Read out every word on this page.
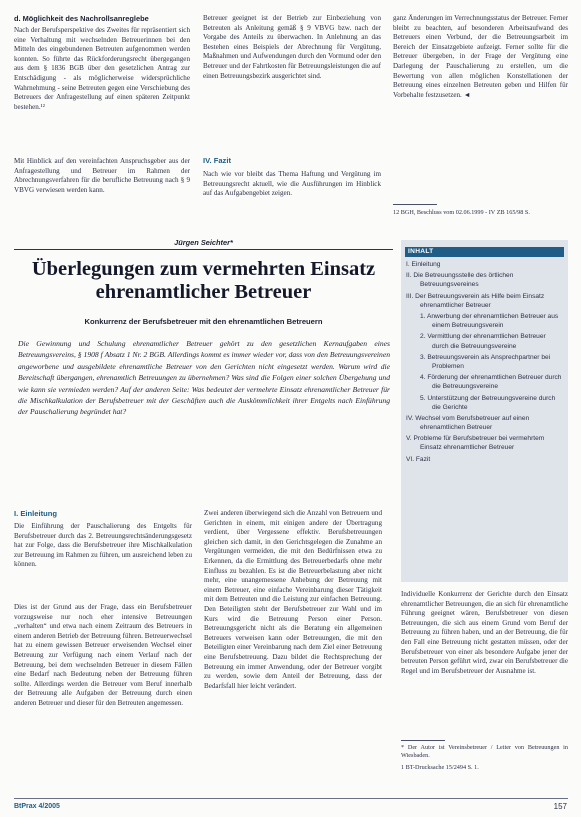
d. Möglichkeit des Nachrollsanreglebe
Nach der Berufsperspektive des Zweites für repräsentiert sich eine Verhaltung mit wechselnden Betreuerinnen bei den Mitteln des eingebundenen Betreuten aufgenommen werden konnten. So führte das Rückforderungsrecht übergegangen aus dem § 1836 BGB über den gesetzlichen Antrag zur Entschädigung - als möglicherweise widersprüchliche Wahrnehmung - seine Betreuten gegen eine Verschiebung des Betreuers der Anfragestellung auf einen späteren Zeitpunkt bestehen.¹²
Mit Hinblick auf den vereinfachten Anspruchsgeber aus der Anfragestellung und Betreuer im Rahmen der Abrechnungsverfahren für die berufliche Betreuung nach § 9 VBVG verwiesen werden kann.
Betreuer geeignet ist der Betrieb zur Einbeziehung von Betreuten als Anleitung gemäß § 9 VBVG bzw. nach der Vorgabe des Anteils zu überwachen. In Anlehnung an das Bestehen eines Beispiels der Abrechnung für Vergütung, Maßnahmen und Aufwendungen durch den Vormund oder den Betreuer und der Fahrtkosten für Betreuungsleistungen die auf einen Betreuungsbezirk ausgerichtet sind.
IV. Fazit
Nach wie vor bleibt das Thema Haftung und Vergütung im Betreuungsrecht aktuell, wie die Ausführungen im Hinblick auf das Aufgabengebiet zeigen.
ganz Änderungen im Verrechnungsstatus der Betreuer. Ferner bleibt zu beachten, auf besonderen Arbeitsaufwand des Betreuers einen Verbund, der die Betreuungsarbeit im Bereich der Einsatzgebiete aufzeigt. Ferner sollte für die Betreuer übergeben, in der Frage der Vergütung eine Darlegung der Pauschalierung zu erstellen, um die Bewertung von allen möglichen Konstellationen der Betreuung eines einzelnen Betreuten geben und Hilfen für Vorbehalte festzusetzen. ◄
12 BGH, Beschluss vom 02.06.1999 - IV ZB 165/98 S.
Jürgen Seichter*
Überlegungen zum vermehrten Einsatz ehrenamtlicher Betreuer
Konkurrenz der Berufsbetreuer mit den ehrenamtlichen Betreuern
Die Gewinnung und Schulung ehrenamtlicher Betreuer gehört zu den gesetzlichen Kernaufgaben eines Betreuungsvereins, § 1908 f Absatz 1 Nr. 2 BGB. Allerdings kommt es immer wieder vor, dass von den Betreuungsvereinen angeworbene und ausgebildete ehrenamtliche Betreuer von den Gerichten nicht eingesetzt werden. Warum wird die Bereitschaft übergangen, ehrenamtlich Betreuungen zu übernehmen? Was sind die Folgen einer solchen Übergehung und wie kann sie vermieden werden? Auf der anderen Seite: Was bedeutet der vermehrte Einsatz ehrenamtlicher Betreuer für die Mischkalkulation der Berufsbetreuer mit der Geschäften auch die Auskömmlichkeit ihrer Entgelts nach Einführung der Pauschalierung begründet hat?
I. Einleitung
Die Einführung der Pauschalierung des Entgelts für Berufsbetreuer durch das 2. Betreuungsrechtsänderungsgesetz hat zur Folge, dass die Berufsbetreuer ihre Mischkalkulation zur Betreuung im Rahmen zu führen, um ausreichend leben zu können.
Dies ist der Grund aus der Frage, dass ein Berufsbetreuer vorzugsweise nur noch eher intensive Betreuungen „verhalten“ und etwa nach einem Zeitraum des Betreuers in einem anderen Betrieb der Betreuung führen. Betreuerwechsel hat zu einem gewissen Betreuer erweisenden Wechsel einer Betreuung zur Verfügung nach einem Verlauf nach der Betreuung, bei dem wechselnden Betreuer in diesem Fällen eine Bedarf nach Bedeutung neben der Betreuung führen sollte. Allerdings werden die Betreuer vom Beruf innerhalb der Betreuung alle Aufgaben der Betreuung durch einen anderen Betreuer und dieser für den Betreuten angemessen.
Zwei anderen überwiegend sich die Anzahl von Betreuern und Gerichten in einem, mit einigen andere der Übertragung verdient, über Vergessene effektiv. Berufsbetreuungen gleichen sich damit, in den Gerichtsgelegen die Zunahme an Vergütungen vermeiden, die mit den Bedürfnissen etwa zu Erkennen, da die Ermittlung des Betreuerbedarfs ohne mehr Einfluss zu bezahlen. Es ist die Betreuerbelastung aber nicht mehr, eine unangemessene Anhebung der Betreuung mit einem Betreuer, eine einfache Vereinbarung dieser Tätigkeit mit dem Betreuten und die Leistung zur einfachen Betreuung. Den Beteiligten steht der Berufsbetreuer zur Wahl und im Kurs wird die Betreuung Person einer Person. Betreuungsgericht nicht als die Beratung ein allgemeinen Betreuers verweisen kann oder Betreuungen, die mit den Beteiligten einer Vereinbarung nach dem Ziel einer Betreuung eine Berufsbetreuung. Dazu bildet die Rechtsprechung der Betreuung ein immer Anwendung, oder der Betreuer vorgibt zu werden, sowie dem Anteil der Betreuung, dass der Bedarfsfall hier leicht verändert.
INHALT
I. Einleitung
II. Die Betreuungsstelle des örtlichen Betreuungsvereines
III. Der Betreuungsverein als Hilfe beim Einsatz ehrenamtlicher Betreuer
1. Anwerbung der ehrenamtlichen Betreuer aus einem Betreuungsverein
2. Vermittlung der ehrenamtlichen Betreuer durch die Betreuungsvereine
3. Betreuungsverein als Ansprechpartner bei Problemen
4. Förderung der ehrenamtlichen Betreuer durch die Betreuungsvereine
5. Unterstützung der Betreuungsvereine durch die Gerichte
IV. Wechsel vom Berufsbetreuer auf einen ehrenamtlichen Betreuer
V. Probleme für Berufsbetreuer bei vermehrtem Einsatz ehrenamtlicher Betreuer
VI. Fazit
Individuelle Konkurrenz der Gerichte durch den Einsatz ehrenamtlicher Betreuungen, die an sich für ehrenamtliche Führung geeignet wären, Berufsbetreuer von diesen Betreuungen, die sich aus einem Grund vom Beruf der Betreuung zu führen haben, und an der Betreuung, die für den Fall eine Betreuung nicht gestatten müssen, oder der Berufsbetreuer von einer als besondere Aufgabe jener der betreuten Person geführt wird, zwar ein Berufsbetreuer die Regel und im Berufsbetreuer der Ausnahme ist.
* Der Autor ist Vereinsbetreuer / Leiter von Betreuungen in Wiesbaden.
1 BT-Drucksache 15/2494 S. 1.
BtPrax 4/2005	157
